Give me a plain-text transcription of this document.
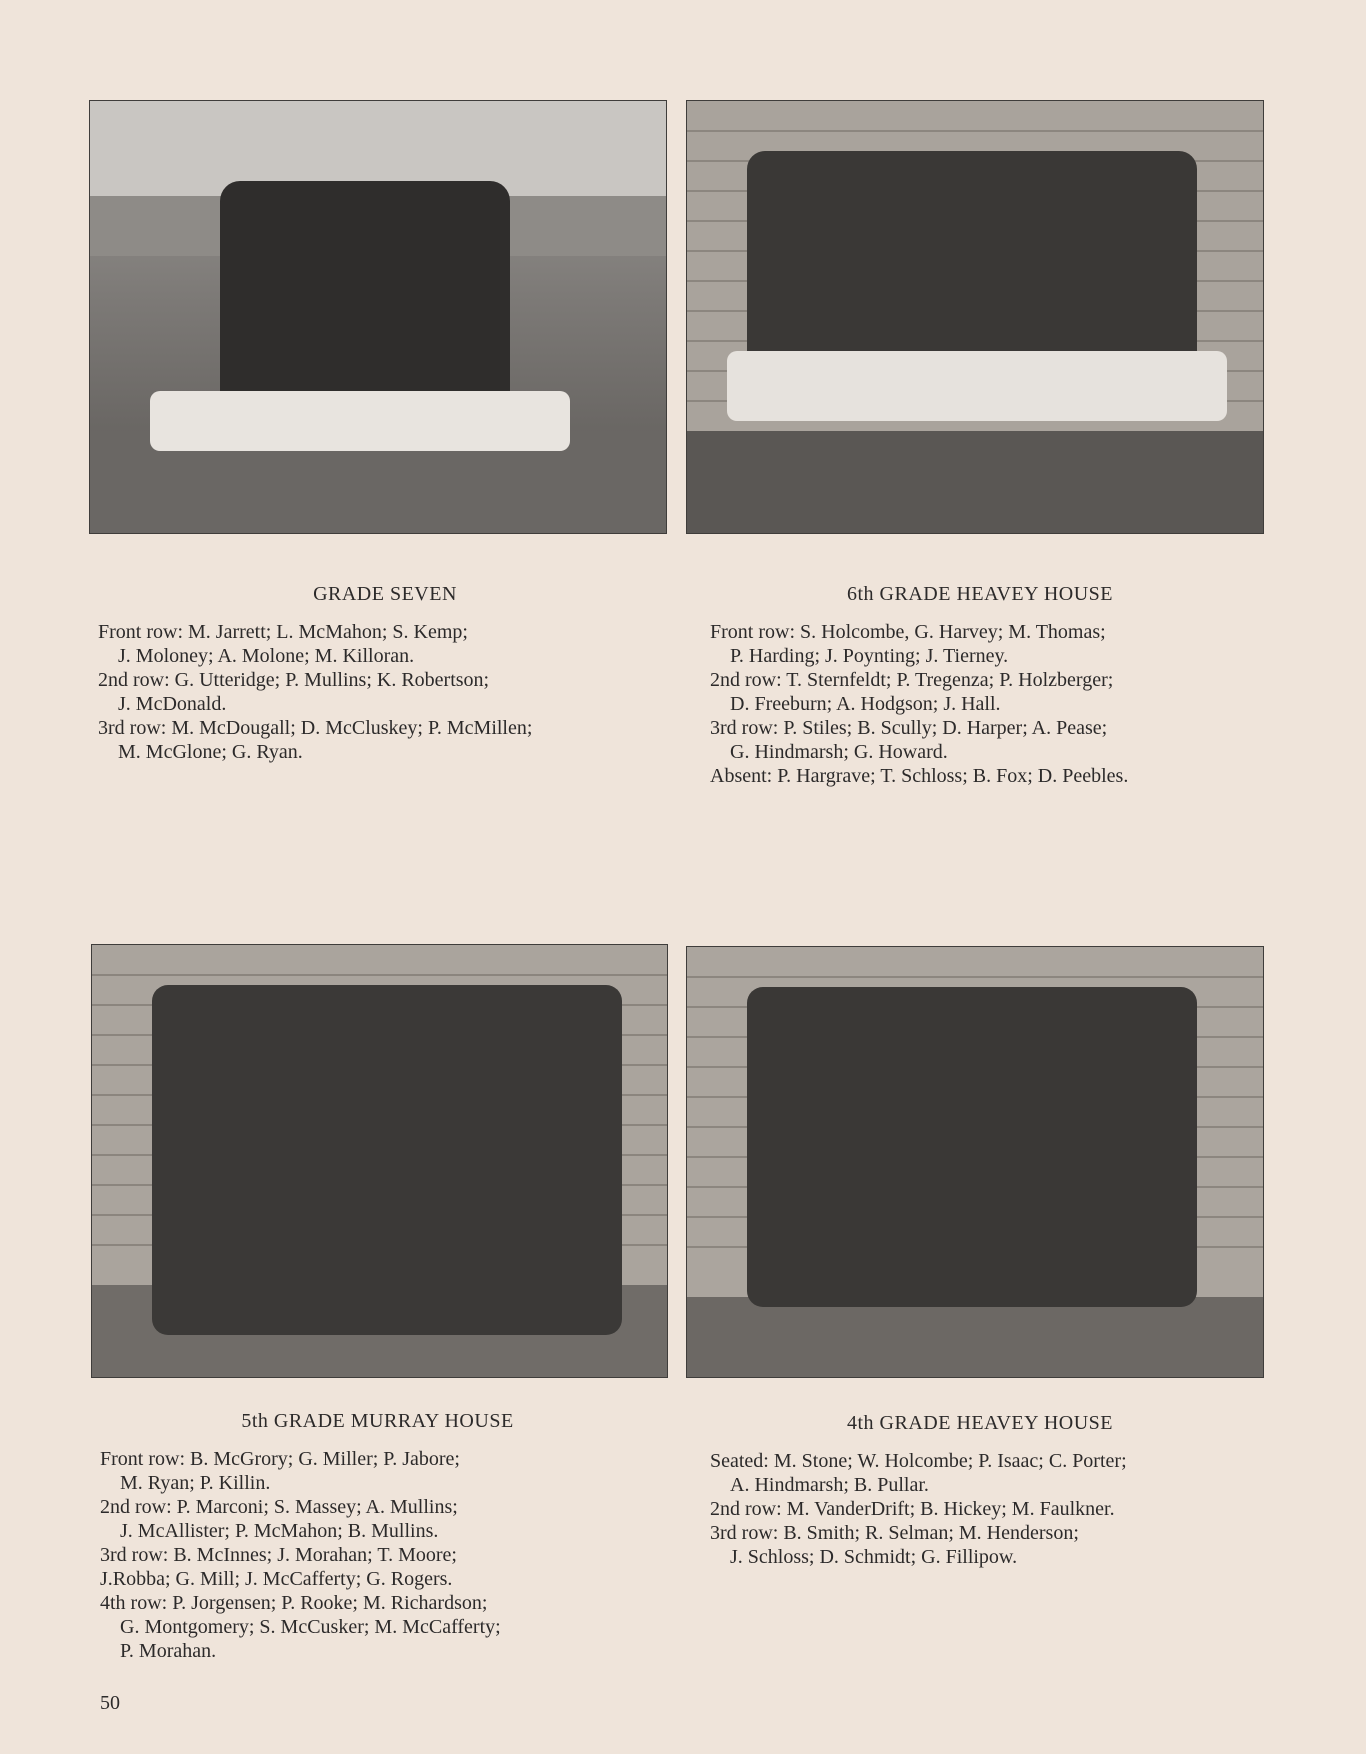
GRADE SEVEN
Front row: M. Jarrett; L. McMahon; S. Kemp;
J. Moloney; A. Molone; M. Killoran.
2nd row: G. Utteridge; P. Mullins; K. Robertson;
J. McDonald.
3rd row: M. McDougall; D. McCluskey; P. McMillen;
M. McGlone; G. Ryan.
6th GRADE HEAVEY HOUSE
Front row: S. Holcombe, G. Harvey; M. Thomas;
P. Harding; J. Poynting; J. Tierney.
2nd row: T. Sternfeldt; P. Tregenza; P. Holzberger;
D. Freeburn; A. Hodgson; J. Hall.
3rd row: P. Stiles; B. Scully; D. Harper; A. Pease;
G. Hindmarsh; G. Howard.
Absent: P. Hargrave; T. Schloss; B. Fox; D. Peebles.
5th GRADE MURRAY HOUSE
Front row: B. McGrory; G. Miller; P. Jabore;
M. Ryan; P. Killin.
2nd row: P. Marconi; S. Massey; A. Mullins;
J. McAllister; P. McMahon; B. Mullins.
3rd row: B. McInnes; J. Morahan; T. Moore;
J.Robba; G. Mill; J. McCafferty; G. Rogers.
4th row: P. Jorgensen; P. Rooke; M. Richardson;
G. Montgomery; S. McCusker; M. McCafferty;
P. Morahan.
4th GRADE HEAVEY HOUSE
Seated: M. Stone; W. Holcombe; P. Isaac; C. Porter;
A. Hindmarsh; B. Pullar.
2nd row: M. VanderDrift; B. Hickey; M. Faulkner.
3rd row: B. Smith; R. Selman; M. Henderson;
J. Schloss; D. Schmidt; G. Fillipow.
50
